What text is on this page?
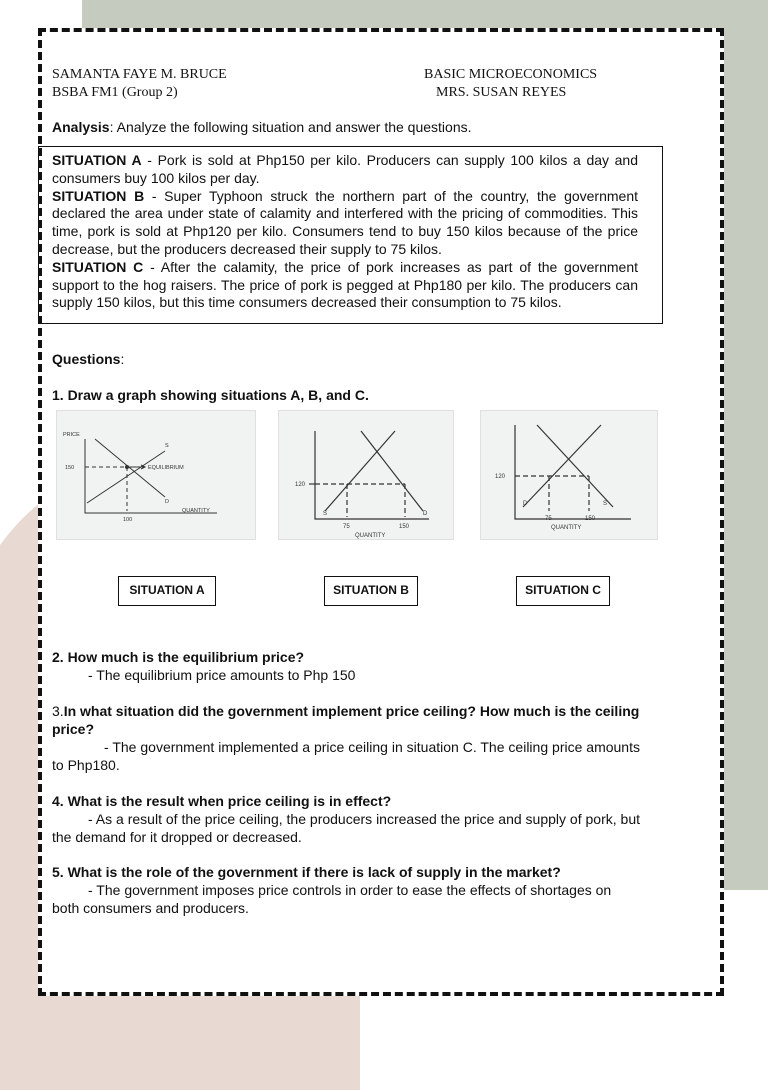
SAMANTA FAYE M. BRUCE
BSBA FM1 (Group 2)
BASIC MICROECONOMICS
MRS. SUSAN REYES
Analysis: Analyze the following situation and answer the questions.
SITUATION A - Pork is sold at Php150 per kilo. Producers can supply 100 kilos a day and consumers buy 100 kilos per day.
SITUATION B - Super Typhoon struck the northern part of the country, the government declared the area under state of calamity and interfered with the pricing of commodities. This time, pork is sold at Php120 per kilo. Consumers tend to buy 150 kilos because of the price decrease, but the producers decreased their supply to 75 kilos.
SITUATION C - After the calamity, the price of pork increases as part of the government support to the hog raisers. The price of pork is pegged at Php180 per kilo. The producers can supply 150 kilos, but this time consumers decreased their consumption to 75 kilos.
Questions:
1. Draw a graph showing situations A, B, and C.
PRICE
150
100
QUANTITY
EQUILIBRIUM
S
D
120
75	150
QUANTITY
S	D
120
75	150
QUANTITY
S
D
SITUATION A	SITUATION B	SITUATION C
2. How much is the equilibrium price?
- The equilibrium price amounts to Php 150
3.In what situation did the government implement price ceiling? How much is the ceiling price?
- The government implemented a price ceiling in situation C. The ceiling price amounts to Php180.
4. What is the result when price ceiling is in effect?
- As a result of the price ceiling, the producers increased the price and supply of pork, but the demand for it dropped or decreased.
5. What is the role of the government if there is lack of supply in the market?
- The government imposes price controls in order to ease the effects of shortages on both consumers and producers.
